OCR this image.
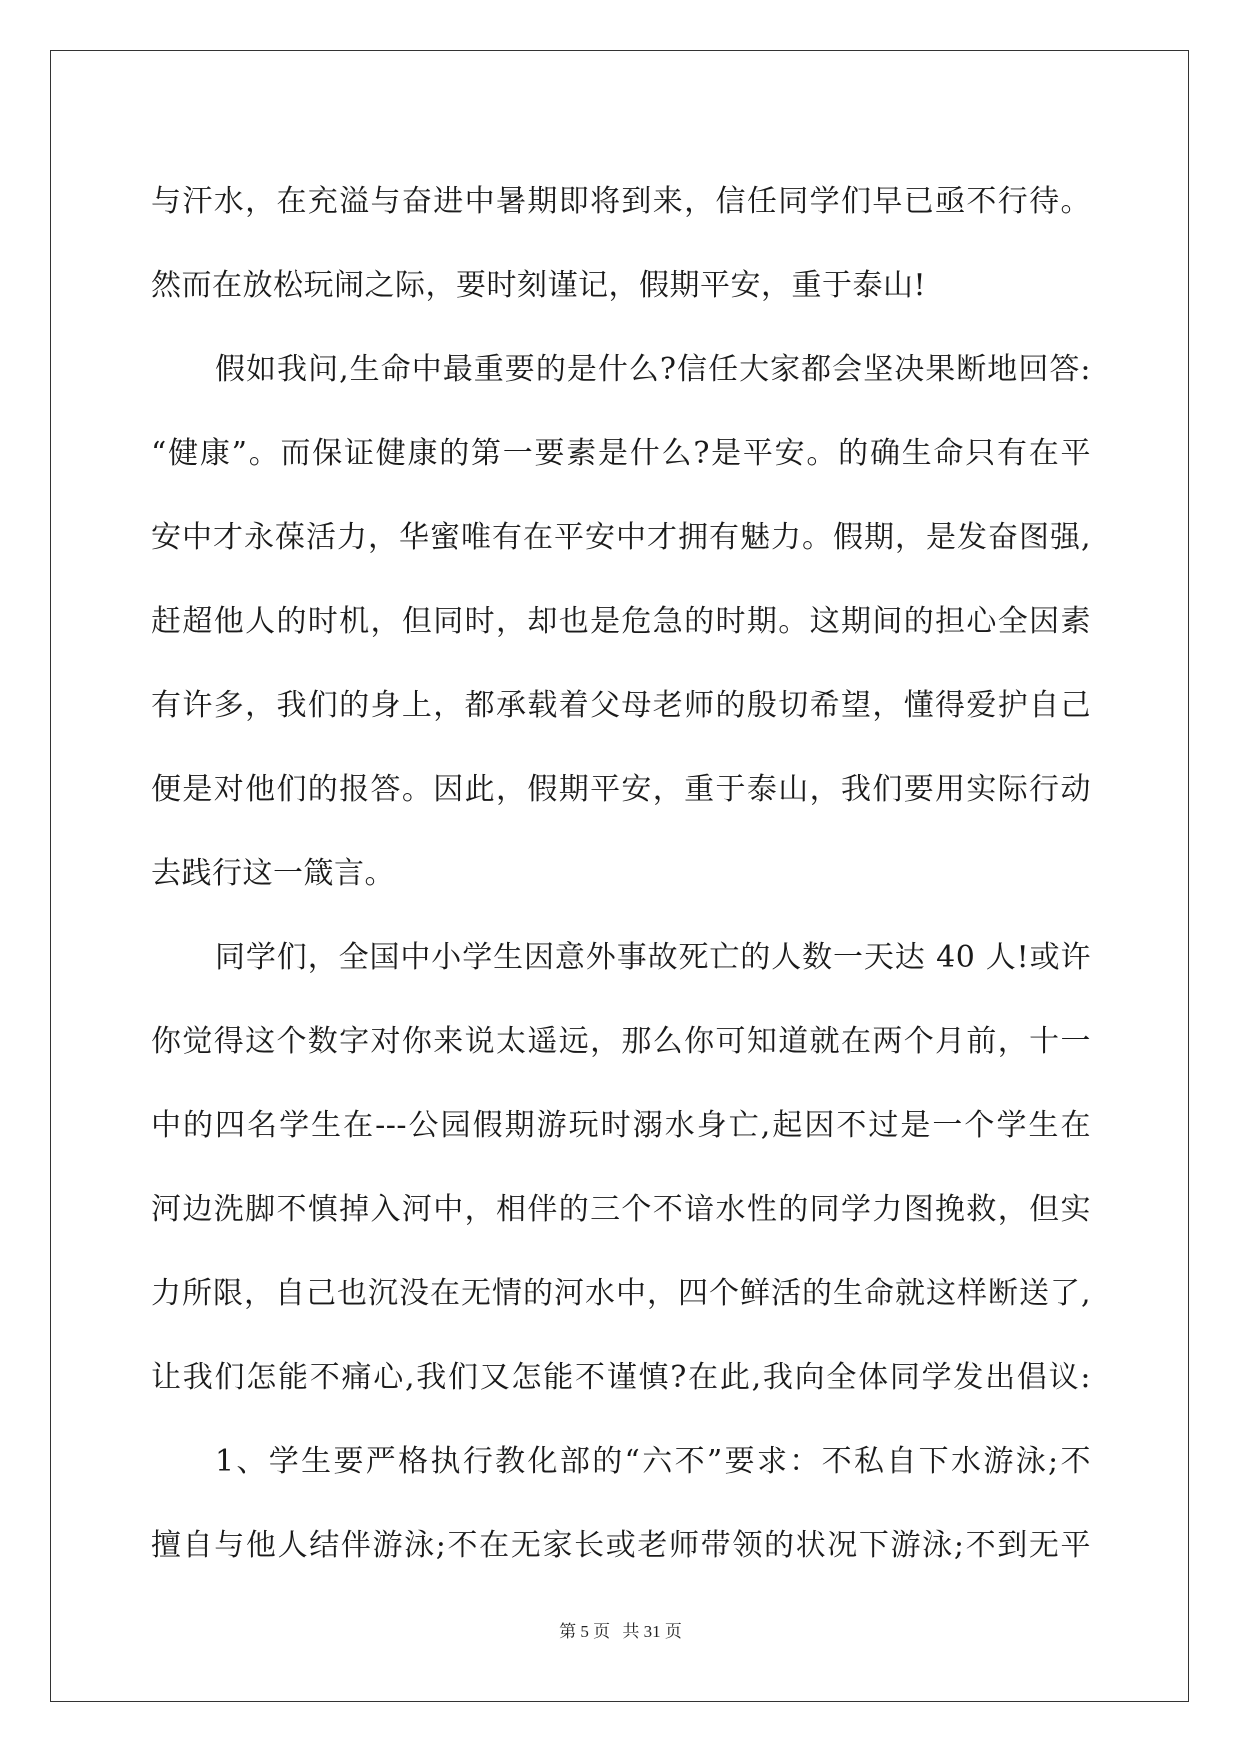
与汗水，在充溢与奋进中暑期即将到来，信任同学们早已亟不行待。
然而在放松玩闹之际，要时刻谨记，假期平安，重于泰山!
假如我问,生命中最重要的是什么?信任大家都会坚决果断地回答:
“健康”。而保证健康的第一要素是什么?是平安。的确生命只有在平
安中才永葆活力，华蜜唯有在平安中才拥有魅力。假期，是发奋图强,
赶超他人的时机，但同时，却也是危急的时期。这期间的担心全因素
有许多，我们的身上，都承载着父母老师的殷切希望，懂得爱护自己
便是对他们的报答。因此，假期平安，重于泰山，我们要用实际行动
去践行这一箴言。
同学们，全国中小学生因意外事故死亡的人数一天达 40 人!或许
你觉得这个数字对你来说太遥远，那么你可知道就在两个月前，十一
中的四名学生在---公园假期游玩时溺水身亡,起因不过是一个学生在
河边洗脚不慎掉入河中，相伴的三个不谙水性的同学力图挽救，但实
力所限，自己也沉没在无情的河水中，四个鲜活的生命就这样断送了,
让我们怎能不痛心,我们又怎能不谨慎?在此,我向全体同学发出倡议:
1、学生要严格执行教化部的“六不”要求：不私自下水游泳;不
擅自与他人结伴游泳;不在无家长或老师带领的状况下游泳;不到无平
第 5 页 共 31 页
